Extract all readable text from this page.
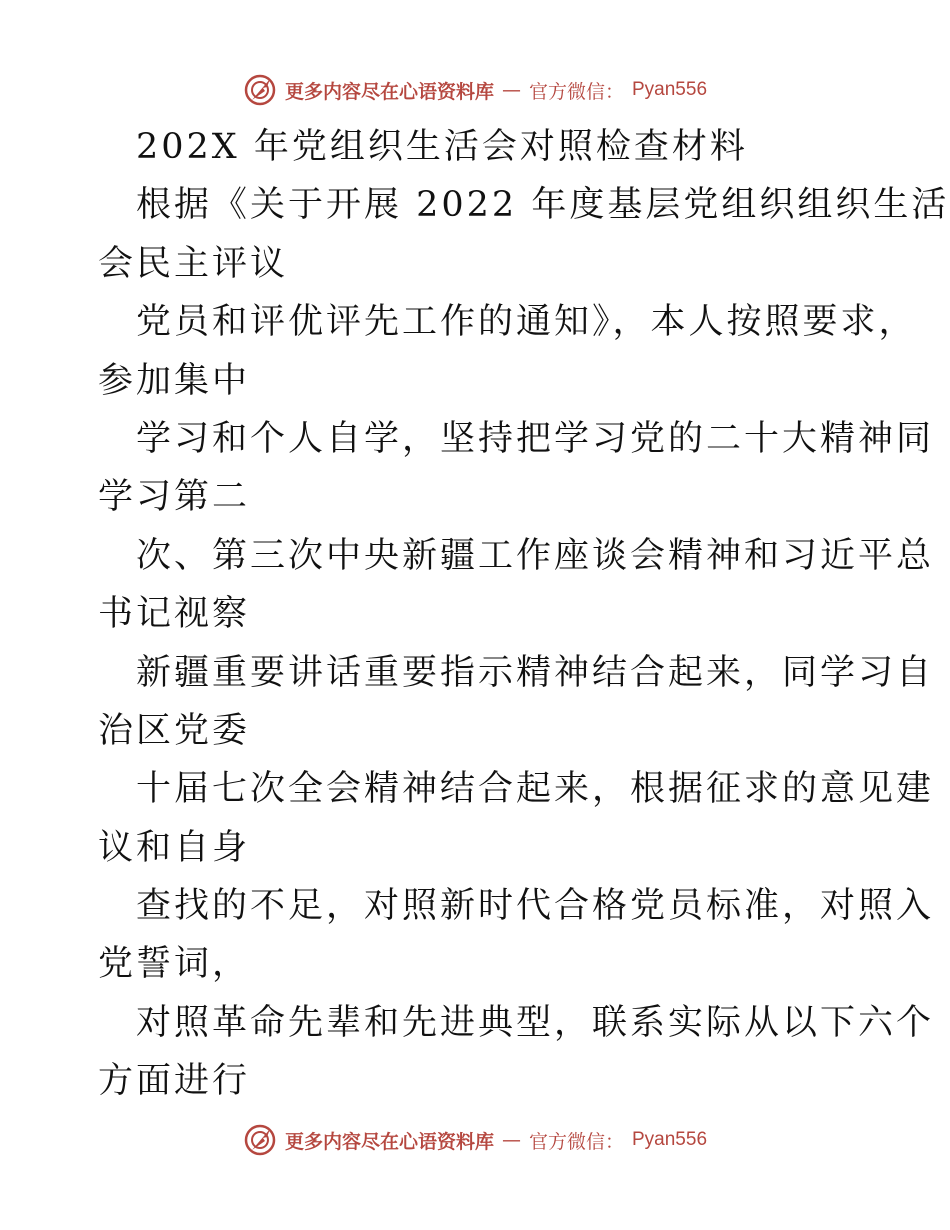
更多内容尽在心语资料库 — 官方微信： Pyan556
202X 年党组织生活会对照检查材料
根据《关于开展 2022 年度基层党组织组织生活
会民主评议
党员和评优评先工作的通知》，本人按照要求，
参加集中
学习和个人自学，坚持把学习党的二十大精神同
学习第二
次、第三次中央新疆工作座谈会精神和习近平总
书记视察
新疆重要讲话重要指示精神结合起来，同学习自
治区党委
十届七次全会精神结合起来，根据征求的意见建
议和自身
查找的不足，对照新时代合格党员标准，对照入
党誓词，
对照革命先辈和先进典型，联系实际从以下六个
方面进行
更多内容尽在心语资料库 — 官方微信： Pyan556
